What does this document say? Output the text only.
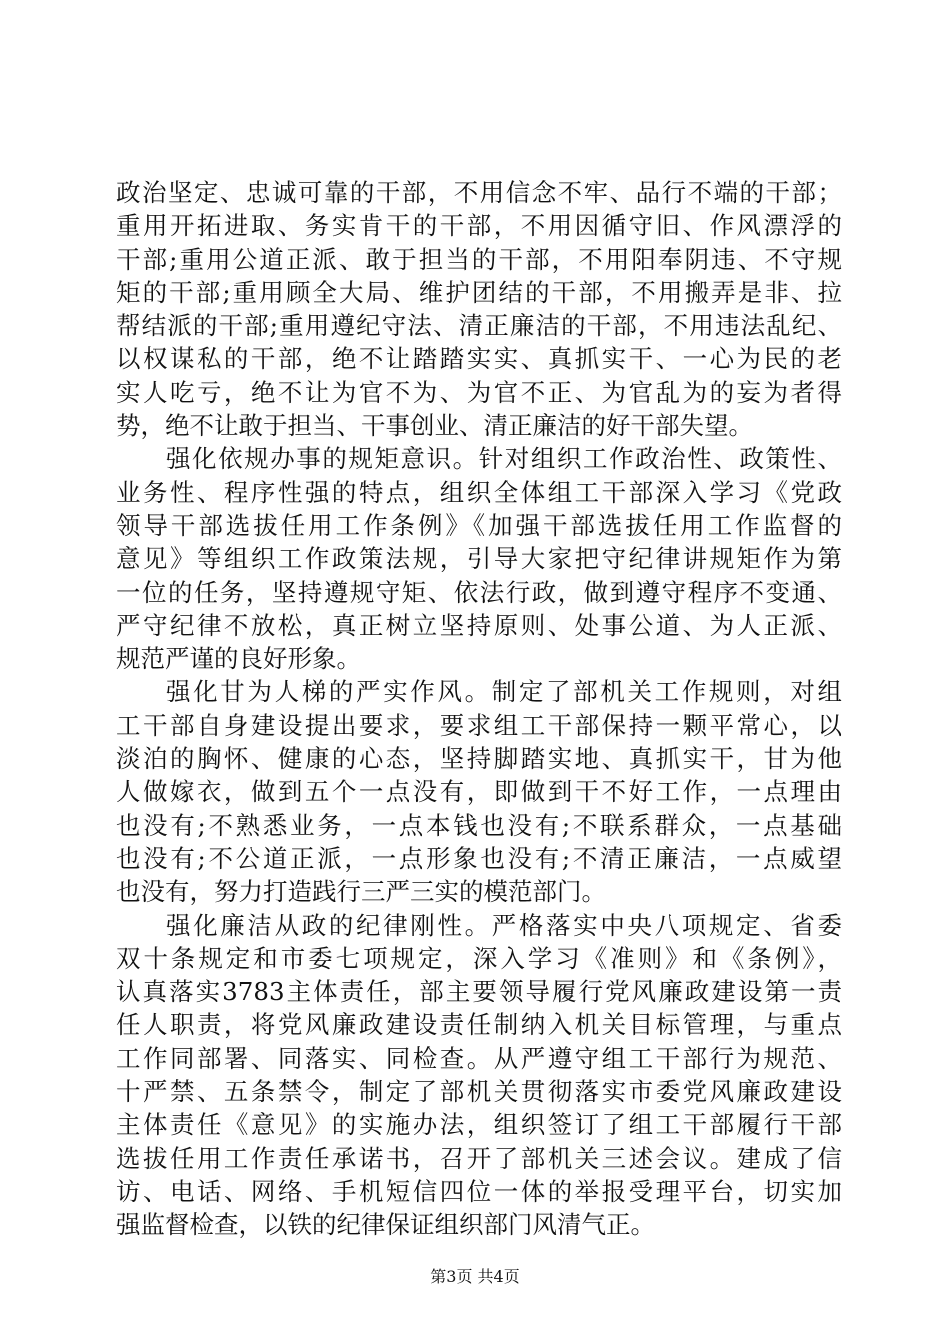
政治坚定、忠诚可靠的干部，不用信念不牢、品行不端的干部；
重用开拓进取、务实肯干的干部，不用因循守旧、作风漂浮的
干部;重用公道正派、敢于担当的干部，不用阳奉阴违、不守规
矩的干部;重用顾全大局、维护团结的干部，不用搬弄是非、拉
帮结派的干部;重用遵纪守法、清正廉洁的干部，不用违法乱纪、
以权谋私的干部，绝不让踏踏实实、真抓实干、一心为民的老
实人吃亏，绝不让为官不为、为官不正、为官乱为的妄为者得
势，绝不让敢于担当、干事创业、清正廉洁的好干部失望。
强化依规办事的规矩意识。针对组织工作政治性、政策性、
业务性、程序性强的特点，组织全体组工干部深入学习《党政
领导干部选拔任用工作条例》《加强干部选拔任用工作监督的
意见》等组织工作政策法规，引导大家把守纪律讲规矩作为第
一位的任务，坚持遵规守矩、依法行政，做到遵守程序不变通、
严守纪律不放松，真正树立坚持原则、处事公道、为人正派、
规范严谨的良好形象。
强化甘为人梯的严实作风。制定了部机关工作规则，对组
工干部自身建设提出要求，要求组工干部保持一颗平常心，以
淡泊的胸怀、健康的心态，坚持脚踏实地、真抓实干，甘为他
人做嫁衣，做到五个一点没有，即做到干不好工作，一点理由
也没有;不熟悉业务，一点本钱也没有;不联系群众，一点基础
也没有;不公道正派，一点形象也没有;不清正廉洁，一点威望
也没有，努力打造践行三严三实的模范部门。
强化廉洁从政的纪律刚性。严格落实中央八项规定、省委
双十条规定和市委七项规定，深入学习《准则》和《条例》，
认真落实3783主体责任，部主要领导履行党风廉政建设第一责
任人职责，将党风廉政建设责任制纳入机关目标管理，与重点
工作同部署、同落实、同检查。从严遵守组工干部行为规范、
十严禁、五条禁令，制定了部机关贯彻落实市委党风廉政建设
主体责任《意见》的实施办法，组织签订了组工干部履行干部
选拔任用工作责任承诺书，召开了部机关三述会议。建成了信
访、电话、网络、手机短信四位一体的举报受理平台，切实加
强监督检查，以铁的纪律保证组织部门风清气正。
第3页 共4页
